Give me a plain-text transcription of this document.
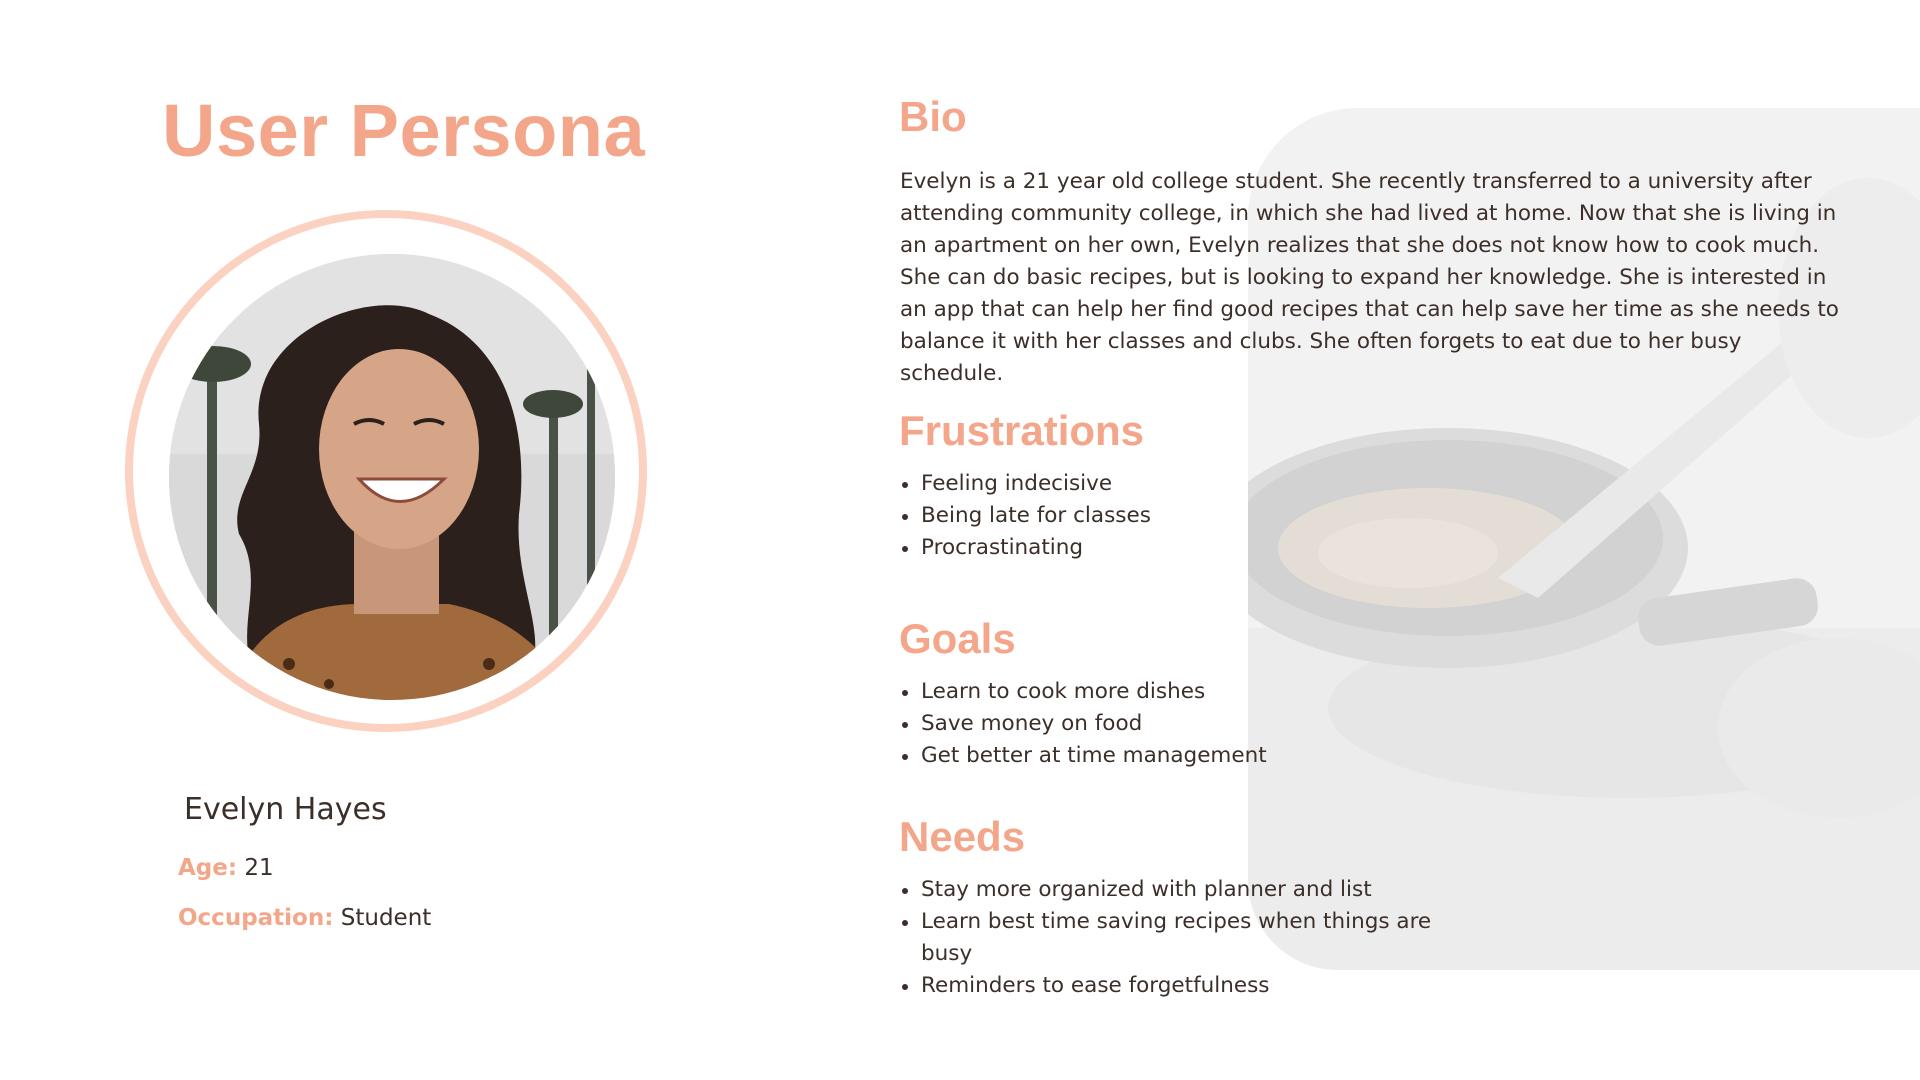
User Persona
Evelyn Hayes
Age: 21
Occupation: Student
Bio

Evelyn is a 21 year old college student. She recently transferred to a university after attending community college, in which she had lived at home. Now that she is living in an apartment on her own, Evelyn realizes that she does not know how to cook much. She can do basic recipes, but is looking to expand her knowledge. She is interested in an app that can help her find good recipes that can help save her time as she needs to balance it with her classes and clubs. She often forgets to eat due to her busy schedule.

Frustrations
Feeling indecisive
Being late for classes
Procrastinating
Goals
Learn to cook more dishes
Save money on food
Get better at time management
Needs
Stay more organized with planner and list
Learn best time saving recipes when things are busy
Reminders to ease forgetfulness
